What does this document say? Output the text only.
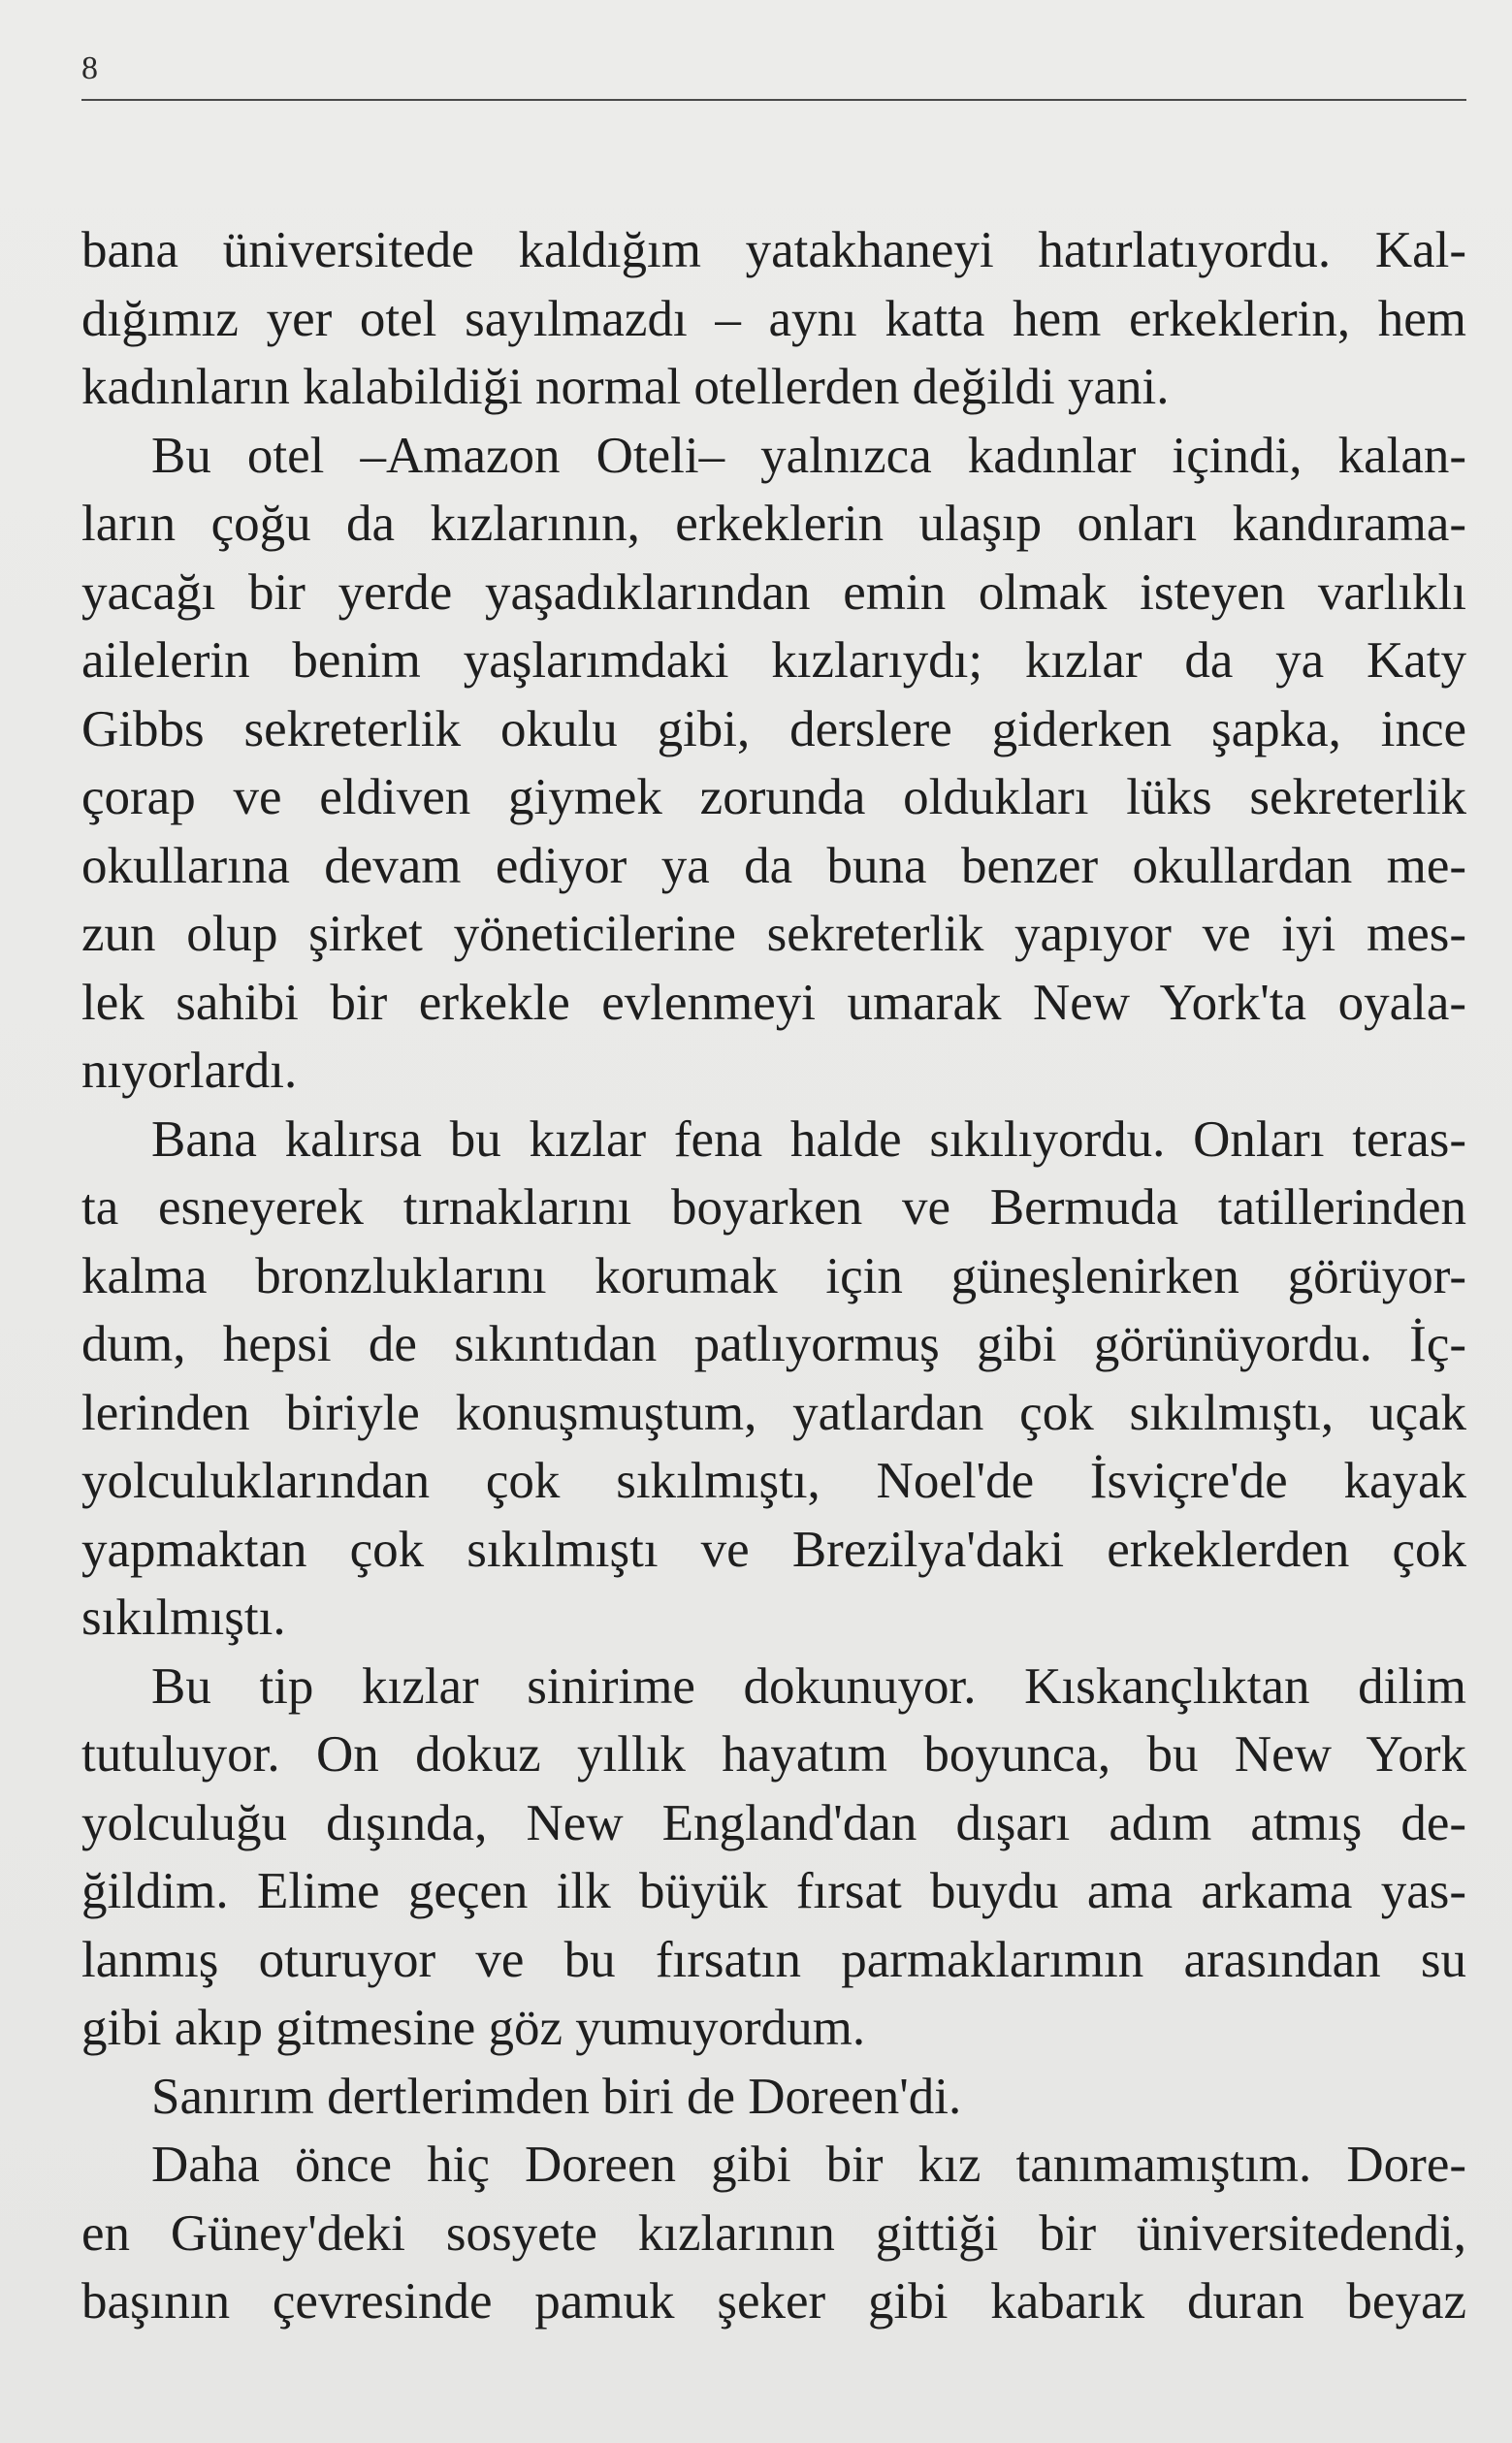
8
bana üniversitede kaldığım yatakhaneyi hatırlatıyordu. Kal-
dığımız yer otel sayılmazdı – aynı katta hem erkeklerin, hem
kadınların kalabildiği normal otellerden değildi yani.
Bu otel –Amazon Oteli– yalnızca kadınlar içindi, kalan-
ların çoğu da kızlarının, erkeklerin ulaşıp onları kandırama-
yacağı bir yerde yaşadıklarından emin olmak isteyen varlıklı
ailelerin benim yaşlarımdaki kızlarıydı; kızlar da ya Katy
Gibbs sekreterlik okulu gibi, derslere giderken şapka, ince
çorap ve eldiven giymek zorunda oldukları lüks sekreterlik
okullarına devam ediyor ya da buna benzer okullardan me-
zun olup şirket yöneticilerine sekreterlik yapıyor ve iyi mes-
lek sahibi bir erkekle evlenmeyi umarak New York'ta oyala-
nıyorlardı.
Bana kalırsa bu kızlar fena halde sıkılıyordu. Onları teras-
ta esneyerek tırnaklarını boyarken ve Bermuda tatillerinden
kalma bronzluklarını korumak için güneşlenirken görüyor-
dum, hepsi de sıkıntıdan patlıyormuş gibi görünüyordu. İç-
lerinden biriyle konuşmuştum, yatlardan çok sıkılmıştı, uçak
yolculuklarından çok sıkılmıştı, Noel'de İsviçre'de kayak
yapmaktan çok sıkılmıştı ve Brezilya'daki erkeklerden çok
sıkılmıştı.
Bu tip kızlar sinirime dokunuyor. Kıskançlıktan dilim
tutuluyor. On dokuz yıllık hayatım boyunca, bu New York
yolculuğu dışında, New England'dan dışarı adım atmış de-
ğildim. Elime geçen ilk büyük fırsat buydu ama arkama yas-
lanmış oturuyor ve bu fırsatın parmaklarımın arasından su
gibi akıp gitmesine göz yumuyordum.
Sanırım dertlerimden biri de Doreen'di.
Daha önce hiç Doreen gibi bir kız tanımamıştım. Dore-
en Güney'deki sosyete kızlarının gittiği bir üniversitedendi,
başının çevresinde pamuk şeker gibi kabarık duran beyaz
